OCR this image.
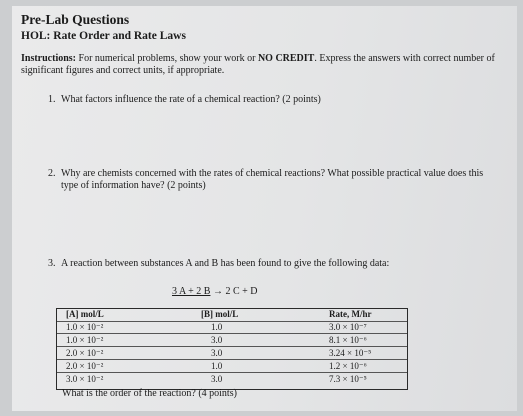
Pre-Lab Questions
HOL: Rate Order and Rate Laws
Instructions: For numerical problems, show your work or NO CREDIT. Express the answers with correct number of significant figures and correct units, if appropriate.
1. What factors influence the rate of a chemical reaction? (2 points)
2. Why are chemists concerned with the rates of chemical reactions? What possible practical value does this type of information have? (2 points)
3. A reaction between substances A and B has been found to give the following data:
3 A + 2 B → 2 C + D
[A] mol/L	[B] mol/L	Rate, M/hr
1.0 × 10⁻²	1.0	3.0 × 10⁻⁷
1.0 × 10⁻²	3.0	8.1 × 10⁻⁶
2.0 × 10⁻²	3.0	3.24 × 10⁻⁵
2.0 × 10⁻²	1.0	1.2 × 10⁻⁶
3.0 × 10⁻²	3.0	7.3 × 10⁻⁵
What is the order of the reaction? (4 points)
